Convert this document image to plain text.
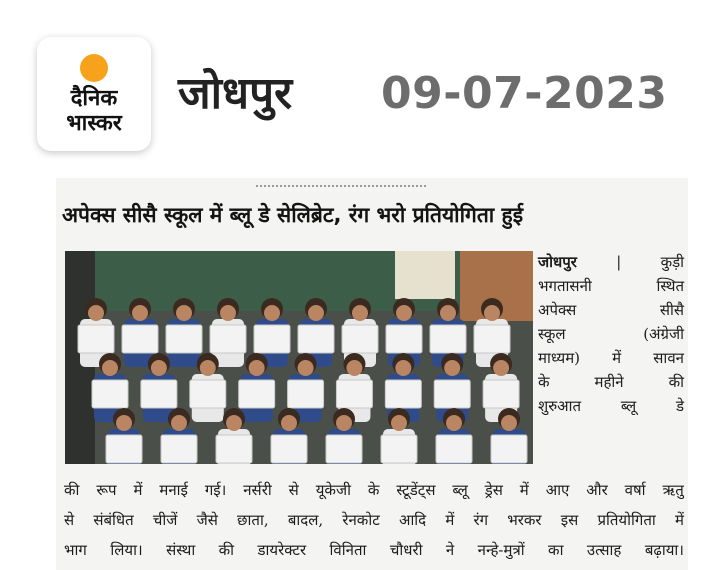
दैनिक
भास्कर
जोधपुर 09-07-2023
अपेक्स सीसै स्कूल में ब्लू डे सेलिब्रेट, रंग भरो प्रतियोगिता हुई
जोधपुर	|	कुड़ी
भगतासनी	स्थित
अपेक्स	सीसै
स्कूल	(अंग्रेजी
माध्यम) में सावन
के	महीने	की
शुरुआत	ब्लू	डे
की रूप में मनाई गई। नर्सरी से यूकेजी के स्टूडेंट्स ब्लू ड्रेस में आए और वर्षा ऋतु
से संबंधित चीजें जैसे छाता, बादल, रेनकोट आदि में रंग भरकर इस प्रतियोगिता में
भाग लिया। संस्था की डायरेक्टर विनिता चौधरी ने नन्हे-मुत्रों का उत्साह बढ़ाया।
